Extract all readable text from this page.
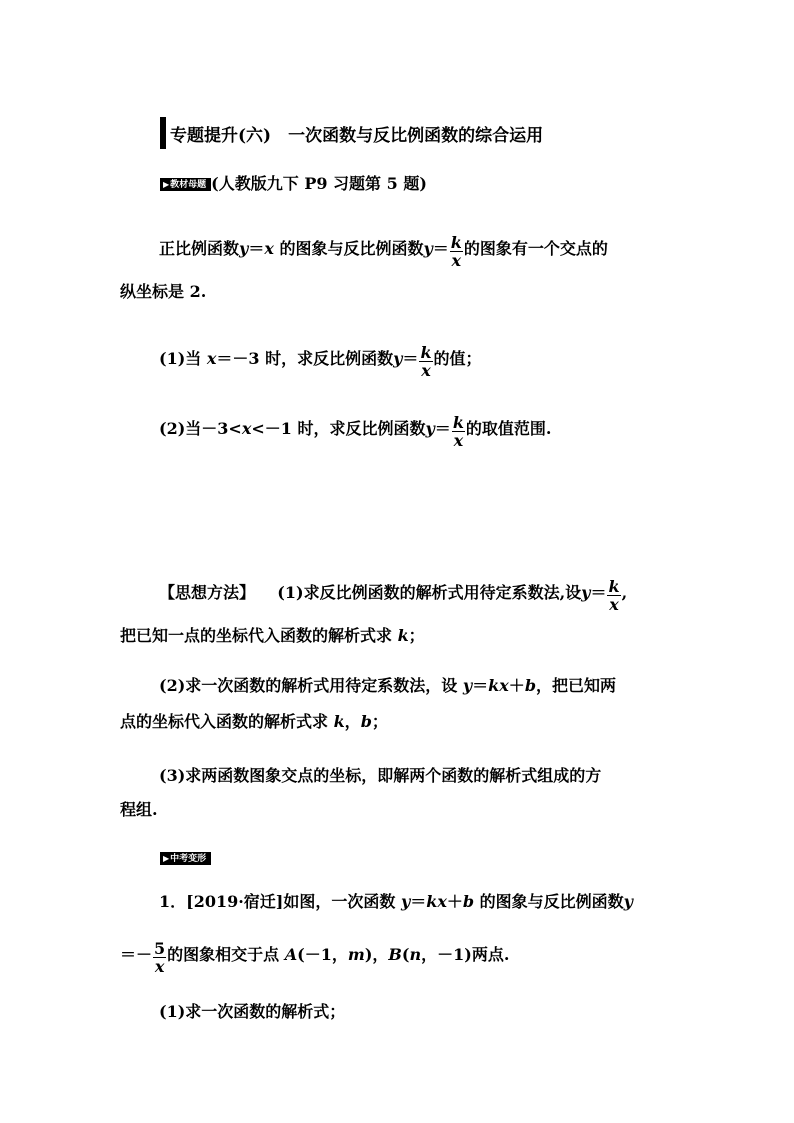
专题提升(六)　一次函数与反比例函数的综合运用
▶教材母题 (人教版九下 P9 习题第 5 题)
正比例函数y＝x 的图象与反比例函数$y= \frac{k}{x}$ 的图象有一个交点的
纵坐标是 2.
(1)当 x＝－3 时，求反比例函数$y= \frac{k}{x}$ 的值；
(2)当－3<x<－1 时，求反比例函数$y= \frac{k}{x}$ 的取值范围.
【思想方法】 (1)求反比例函数的解析式用待定系数法,设$y= \frac{k}{x}$ ,
把已知一点的坐标代入函数的解析式求 k；
(2)求一次函数的解析式用待定系数法，设 y＝kx＋b，把已知两
点的坐标代入函数的解析式求 k，b；
(3)求两函数图象交点的坐标，即解两个函数的解析式组成的方
程组.
▶中考变形
1．[2019·宿迁]如图，一次函数 y＝kx＋b 的图象与反比例函数y
＝－ $\frac{5}{x}$ 的图象相交于点 A(－1，m)，B(n，－1)两点.
(1)求一次函数的解析式；
